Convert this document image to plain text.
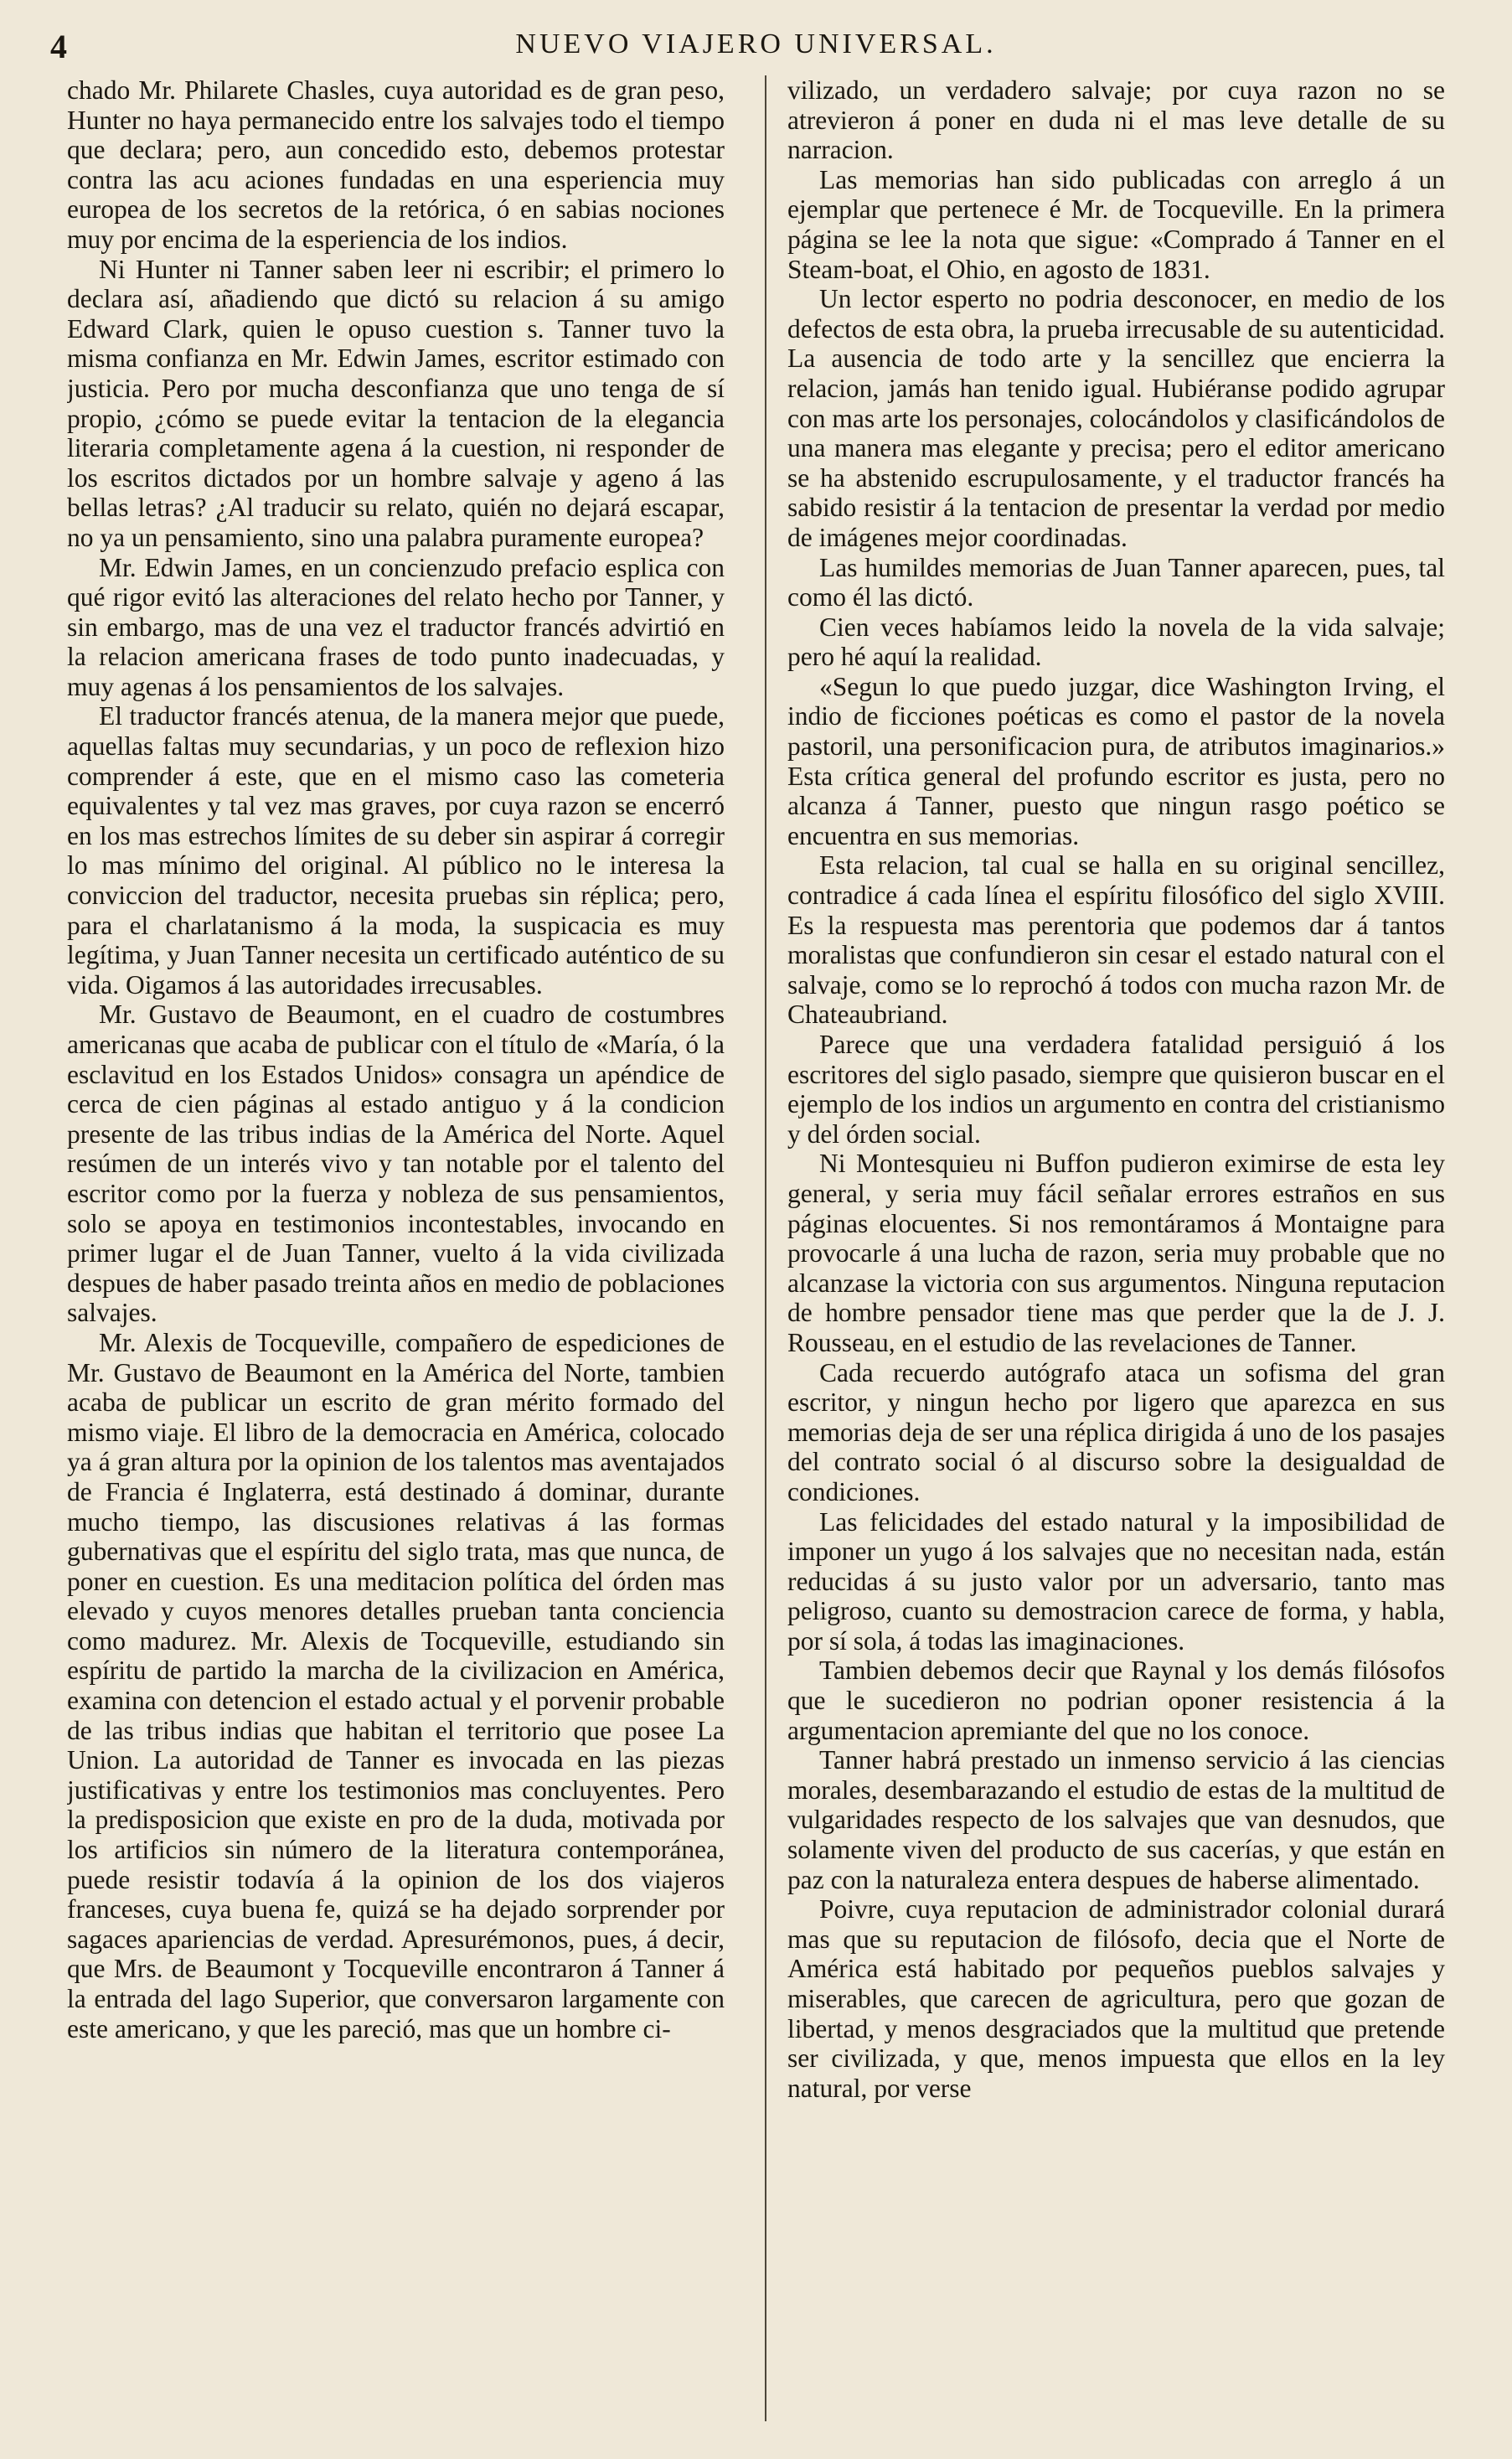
4	NUEVO VIAJERO UNIVERSAL.

chado Mr. Philarete Chasles, cuya autoridad es de gran peso, Hunter no haya permanecido entre los salvajes todo el tiempo que declara; pero, aun concedido esto, debemos protestar contra las acu aciones fundadas en una esperiencia muy europea de los secretos de la retórica, ó en sabias nociones muy por encima de la esperiencia de los indios.

Ni Hunter ni Tanner saben leer ni escribir; el primero lo declara así, añadiendo que dictó su relacion á su amigo Edward Clark, quien le opuso cuestion s. Tanner tuvo la misma confianza en Mr. Edwin James, escritor estimado con justicia. Pero por mucha desconfianza que uno tenga de sí propio, ¿cómo se puede evitar la tentacion de la elegancia literaria completamente agena á la cuestion, ni responder de los escritos dictados por un hombre salvaje y ageno á las bellas letras? ¿Al traducir su relato, quién no dejará escapar, no ya un pensamiento, sino una palabra puramente europea?

Mr. Edwin James, en un concienzudo prefacio esplica con qué rigor evitó las alteraciones del relato hecho por Tanner, y sin embargo, mas de una vez el traductor francés advirtió en la relacion americana frases de todo punto inadecuadas, y muy agenas á los pensamientos de los salvajes.

El traductor francés atenua, de la manera mejor que puede, aquellas faltas muy secundarias, y un poco de reflexion hizo comprender á este, que en el mismo caso las cometeria equivalentes y tal vez mas graves, por cuya razon se encerró en los mas estrechos límites de su deber sin aspirar á corregir lo mas mínimo del original. Al público no le interesa la conviccion del traductor, necesita pruebas sin réplica; pero, para el charlatanismo á la moda, la suspicacia es muy legítima, y Juan Tanner necesita un certificado auténtico de su vida. Oigamos á las autoridades irrecusables.

Mr. Gustavo de Beaumont, en el cuadro de costumbres americanas que acaba de publicar con el título de «María, ó la esclavitud en los Estados Unidos» consagra un apéndice de cerca de cien páginas al estado antiguo y á la condicion presente de las tribus indias de la América del Norte. Aquel resúmen de un interés vivo y tan notable por el talento del escritor como por la fuerza y nobleza de sus pensamientos, solo se apoya en testimonios incontestables, invocando en primer lugar el de Juan Tanner, vuelto á la vida civilizada despues de haber pasado treinta años en medio de poblaciones salvajes.

Mr. Alexis de Tocqueville, compañero de espediciones de Mr. Gustavo de Beaumont en la América del Norte, tambien acaba de publicar un escrito de gran mérito formado del mismo viaje. El libro de la democracia en América, colocado ya á gran altura por la opinion de los talentos mas aventajados de Francia é Inglaterra, está destinado á dominar, durante mucho tiempo, las discusiones relativas á las formas gubernativas que el espíritu del siglo trata, mas que nunca, de poner en cuestion. Es una meditacion política del órden mas elevado y cuyos menores detalles prueban tanta conciencia como madurez. Mr. Alexis de Tocqueville, estudiando sin espíritu de partido la marcha de la civilizacion en América, examina con detencion el estado actual y el porvenir probable de las tribus indias que habitan el territorio que posee La Union. La autoridad de Tanner es invocada en las piezas justificativas y entre los testimonios mas concluyentes. Pero la predisposicion que existe en pro de la duda, motivada por los artificios sin número de la literatura contemporánea, puede resistir todavía á la opinion de los dos viajeros franceses, cuya buena fe, quizá se ha dejado sorprender por sagaces apariencias de verdad. Apresurémonos, pues, á decir, que Mrs. de Beaumont y Tocqueville encontraron á Tanner á la entrada del lago Superior, que conversaron largamente con este americano, y que les pareció, mas que un hombre ci-

vilizado, un verdadero salvaje; por cuya razon no se atrevieron á poner en duda ni el mas leve detalle de su narracion.

Las memorias han sido publicadas con arreglo á un ejemplar que pertenece é Mr. de Tocqueville. En la primera página se lee la nota que sigue: «Comprado á Tanner en el Steam-boat, el Ohio, en agosto de 1831.

Un lector esperto no podria desconocer, en medio de los defectos de esta obra, la prueba irrecusable de su autenticidad. La ausencia de todo arte y la sencillez que encierra la relacion, jamás han tenido igual. Hubiéranse podido agrupar con mas arte los personajes, colocándolos y clasificándolos de una manera mas elegante y precisa; pero el editor americano se ha abstenido escrupulosamente, y el traductor francés ha sabido resistir á la tentacion de presentar la verdad por medio de imágenes mejor coordinadas.

Las humildes memorias de Juan Tanner aparecen, pues, tal como él las dictó.

Cien veces habíamos leido la novela de la vida salvaje; pero hé aquí la realidad.

«Segun lo que puedo juzgar, dice Washington Irving, el indio de ficciones poéticas es como el pastor de la novela pastoril, una personificacion pura, de atributos imaginarios.» Esta crítica general del profundo escritor es justa, pero no alcanza á Tanner, puesto que ningun rasgo poético se encuentra en sus memorias.

Esta relacion, tal cual se halla en su original sencillez, contradice á cada línea el espíritu filosófico del siglo XVIII. Es la respuesta mas perentoria que podemos dar á tantos moralistas que confundieron sin cesar el estado natural con el salvaje, como se lo reprochó á todos con mucha razon Mr. de Chateaubriand.

Parece que una verdadera fatalidad persiguió á los escritores del siglo pasado, siempre que quisieron buscar en el ejemplo de los indios un argumento en contra del cristianismo y del órden social.

Ni Montesquieu ni Buffon pudieron eximirse de esta ley general, y seria muy fácil señalar errores estraños en sus páginas elocuentes. Si nos remontáramos á Montaigne para provocarle á una lucha de razon, seria muy probable que no alcanzase la victoria con sus argumentos. Ninguna reputacion de hombre pensador tiene mas que perder que la de J. J. Rousseau, en el estudio de las revelaciones de Tanner.

Cada recuerdo autógrafo ataca un sofisma del gran escritor, y ningun hecho por ligero que aparezca en sus memorias deja de ser una réplica dirigida á uno de los pasajes del contrato social ó al discurso sobre la desigualdad de condiciones.

Las felicidades del estado natural y la imposibilidad de imponer un yugo á los salvajes que no necesitan nada, están reducidas á su justo valor por un adversario, tanto mas peligroso, cuanto su demostracion carece de forma, y habla, por sí sola, á todas las imaginaciones.

Tambien debemos decir que Raynal y los demás filósofos que le sucedieron no podrian oponer resistencia á la argumentacion apremiante del que no los conoce.

Tanner habrá prestado un inmenso servicio á las ciencias morales, desembarazando el estudio de estas de la multitud de vulgaridades respecto de los salvajes que van desnudos, que solamente viven del producto de sus cacerías, y que están en paz con la naturaleza entera despues de haberse alimentado.

Poivre, cuya reputacion de administrador colonial durará mas que su reputacion de filósofo, decia que el Norte de América está habitado por pequeños pueblos salvajes y miserables, que carecen de agricultura, pero que gozan de libertad, y menos desgraciados que la multitud que pretende ser civilizada, y que, menos impuesta que ellos en la ley natural, por verse
